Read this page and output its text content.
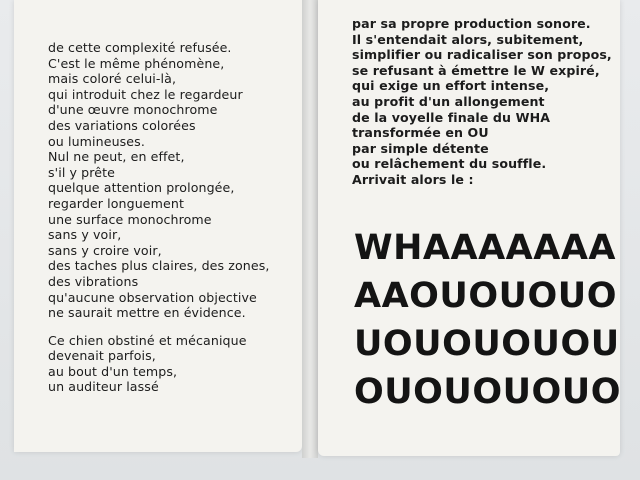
de cette complexité refusée.
C'est le même phénomène,
mais coloré celui-là,
qui introduit chez le regardeur
d'une œuvre monochrome
des variations colorées
ou lumineuses.
Nul ne peut, en effet,
s'il y prête
quelque attention prolongée,
regarder longuement
une surface monochrome
sans y voir,
sans y croire voir,
des taches plus claires, des zones,
des vibrations
qu'aucune observation objective
ne saurait mettre en évidence.
Ce chien obstiné et mécanique
devenait parfois,
au bout d'un temps,
un auditeur lassé
par sa propre production sonore.
Il s'entendait alors, subitement,
simplifier ou radicaliser son propos,
se refusant à émettre le W expiré,
qui exige un effort intense,
au profit d'un allongement
de la voyelle finale du WHA
transformée en OU
par simple détente
ou relâchement du souffle.
Arrivait alors le :
WHAAAAAAA
AAOUOUOUO
UOUOUOUOU
OUOUOUOUO
